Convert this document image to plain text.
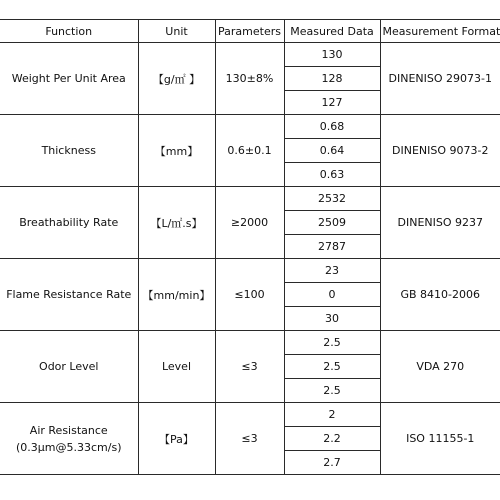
Function	Unit	Parameters	Measured Data	Measurement Format

Weight Per Unit Area	【g/㎡ 】	130±8%	130	DINENISO 29073-1
			128	
			127	

Thickness	【mm】	0.6±0.1	0.68	DINENISO 9073-2
			0.64	
			0.63	

Breathability Rate	【L/㎡.s】	≥2000	2532	DINENISO 9237
			2509	
			2787	

Flame Resistance Rate	【mm/min】	≤100	23	GB 8410-2006
			0	
			30	

Odor Level	Level	≤3	2.5	VDA 270
			2.5	
			2.5	

Air Resistance
(0.3μm@5.33cm/s)	【Pa】	≤3	2	ISO 11155-1
			2.2	
			2.7	
